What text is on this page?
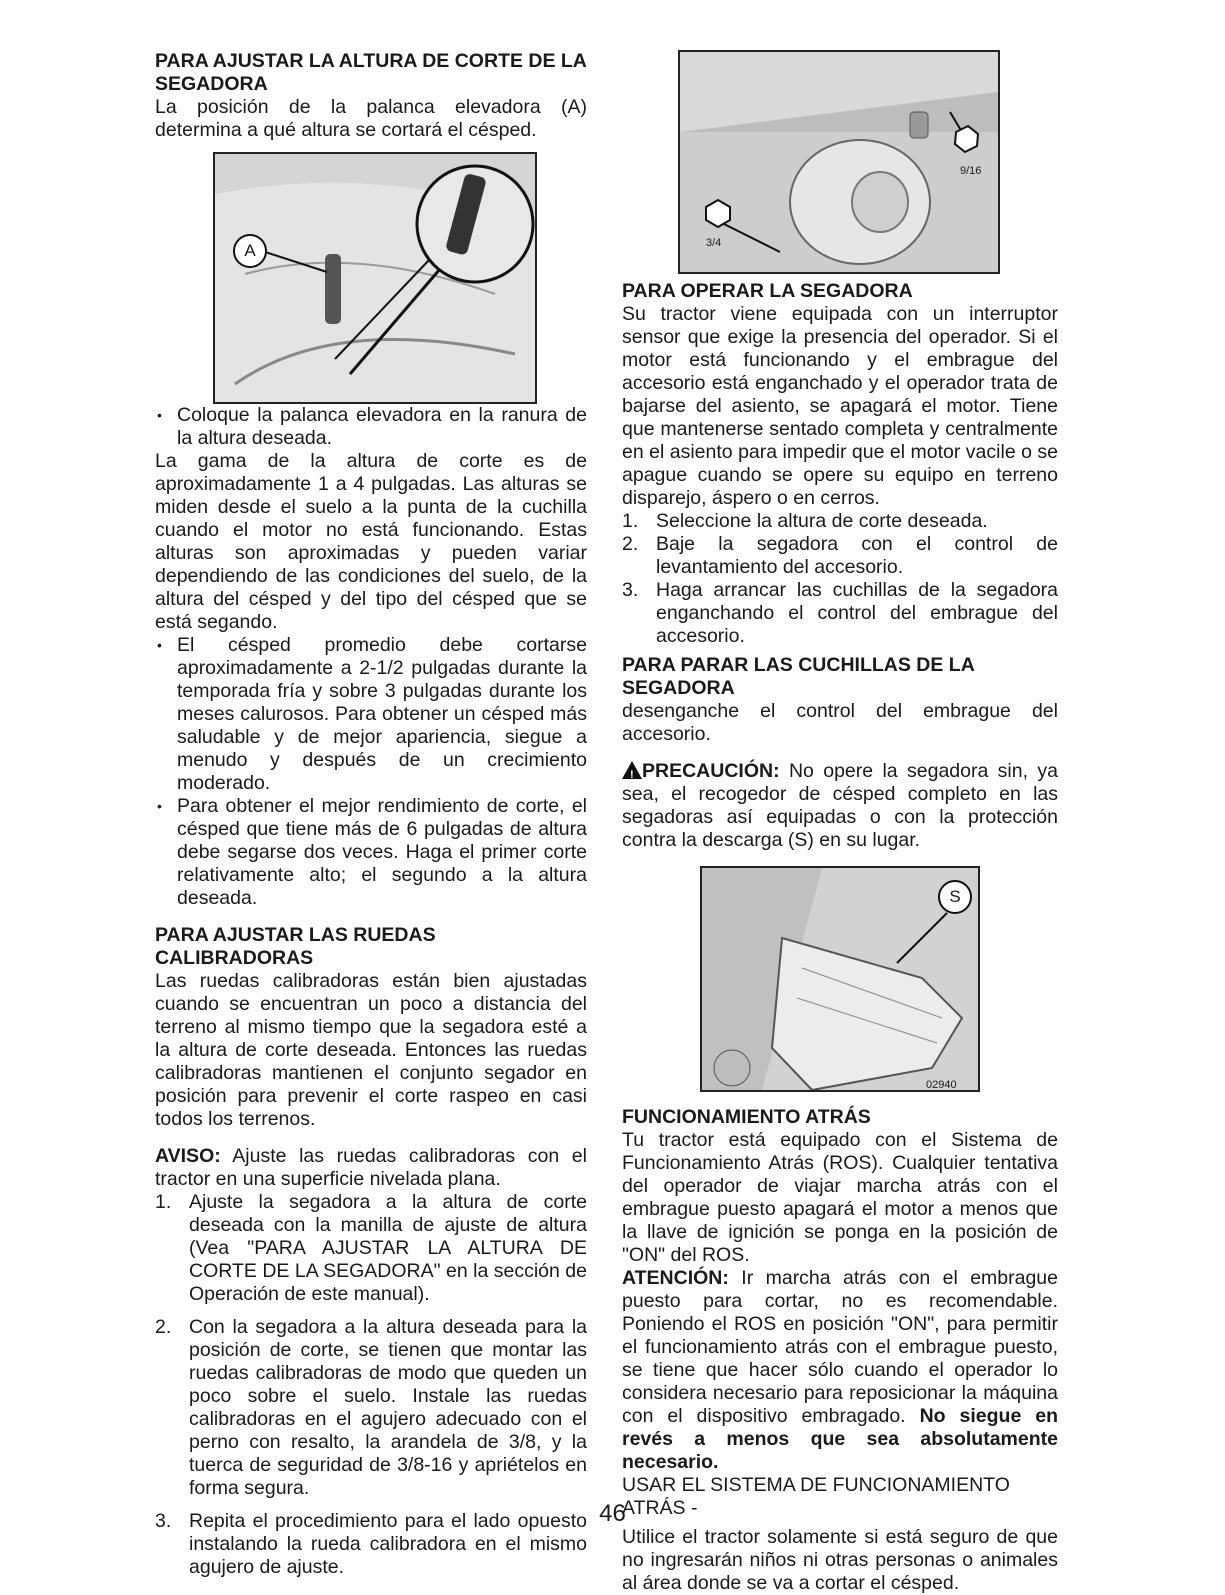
PARA AJUSTAR LA ALTURA DE CORTE DE LA SEGADORA

La posición de la palanca elevadora (A) determina a qué altura se cortará el césped.

A
• Coloque la palanca elevadora en la ranura de la altura deseada.

La gama de la altura de corte es de aproximadamente 1 a 4 pulgadas. Las alturas se miden desde el suelo a la punta de la cuchilla cuando el motor no está funcionando. Estas alturas son aproximadas y pueden variar dependiendo de las condiciones del suelo, de la altura del césped y del tipo del césped que se está segando.

• El césped promedio debe cortarse aproximadamente a 2-1/2 pulgadas durante la temporada fría y sobre 3 pulgadas durante los meses calurosos. Para obtener un césped más saludable y de mejor apariencia, siegue a menudo y después de un crecimiento moderado.
• Para obtener el mejor rendimiento de corte, el césped que tiene más de 6 pulgadas de altura debe segarse dos veces. Haga el primer corte relativamente alto; el segundo a la altura deseada.
PARA AJUSTAR LAS RUEDAS CALIBRADORAS

Las ruedas calibradoras están bien ajustadas cuando se encuentran un poco a distancia del terreno al mismo tiempo que la segadora esté a la altura de corte deseada. Entonces las ruedas calibradoras mantienen el conjunto segador en posición para prevenir el corte raspeo en casi todos los terrenos.

AVISO: Ajuste las ruedas calibradoras con el tractor en una superficie nivelada plana.

1. Ajuste la segadora a la altura de corte deseada con la manilla de ajuste de altura (Vea "PARA AJUSTAR LA ALTURA DE CORTE DE LA SEGADORA" en la sección de Operación de este manual).
2. Con la segadora a la altura deseada para la posición de corte, se tienen que montar las ruedas calibradoras de modo que queden un poco sobre el suelo. Instale las ruedas calibradoras en el agujero adecuado con el perno con resalto, la arandela de 3/8, y la tuerca de seguridad de 3/8-16 y apriételos en forma segura.
3. Repita el procedimiento para el lado opuesto instalando la rueda calibradora en el mismo agujero de ajuste.
9/16
3/4
PARA OPERAR LA SEGADORA

Su tractor viene equipada con un interruptor sensor que exige la presencia del operador. Si el motor está funcionando y el embrague del accesorio está enganchado y el operador trata de bajarse del asiento, se apagará el motor. Tiene que mantenerse sentado completa y centralmente en el asiento para impedir que el motor vacile o se apague cuando se opere su equipo en terreno disparejo, áspero o en cerros.

1. Seleccione la altura de corte deseada.
2. Baje la segadora con el control de levantamiento del accesorio.
3. Haga arrancar las cuchillas de la segadora enganchando el control del embrague del accesorio.
PARA PARAR LAS CUCHILLAS DE LA SEGADORA

desenganche el control del embrague del accesorio.

! PRECAUCIÓN: No opere la segadora sin, ya sea, el recogedor de césped completo en las segadoras así equipadas o con la protección contra la descarga (S) en su lugar.

S
02940
FUNCIONAMIENTO ATRÁS

Tu tractor está equipado con el Sistema de Funcionamiento Atrás (ROS). Cualquier tentativa del operador de viajar marcha atrás con el embrague puesto apagará el motor a menos que la llave de ignición se ponga en la posición de "ON" del ROS.

ATENCIÓN: Ir marcha atrás con el embrague puesto para cortar, no es recomendable. Poniendo el ROS en posición "ON", para permitir el funcionamiento atrás con el embrague puesto, se tiene que hacer sólo cuando el operador lo considera necesario para reposicionar la máquina con el dispositivo embragado. No siegue en revés a menos que sea absolutamente necesario.

USAR EL SISTEMA DE FUNCIONAMIENTO ATRÁS -

Utilice el tractor solamente si está seguro de que no ingresarán niños ni otras personas o animales al área donde se va a cortar el césped.

46
